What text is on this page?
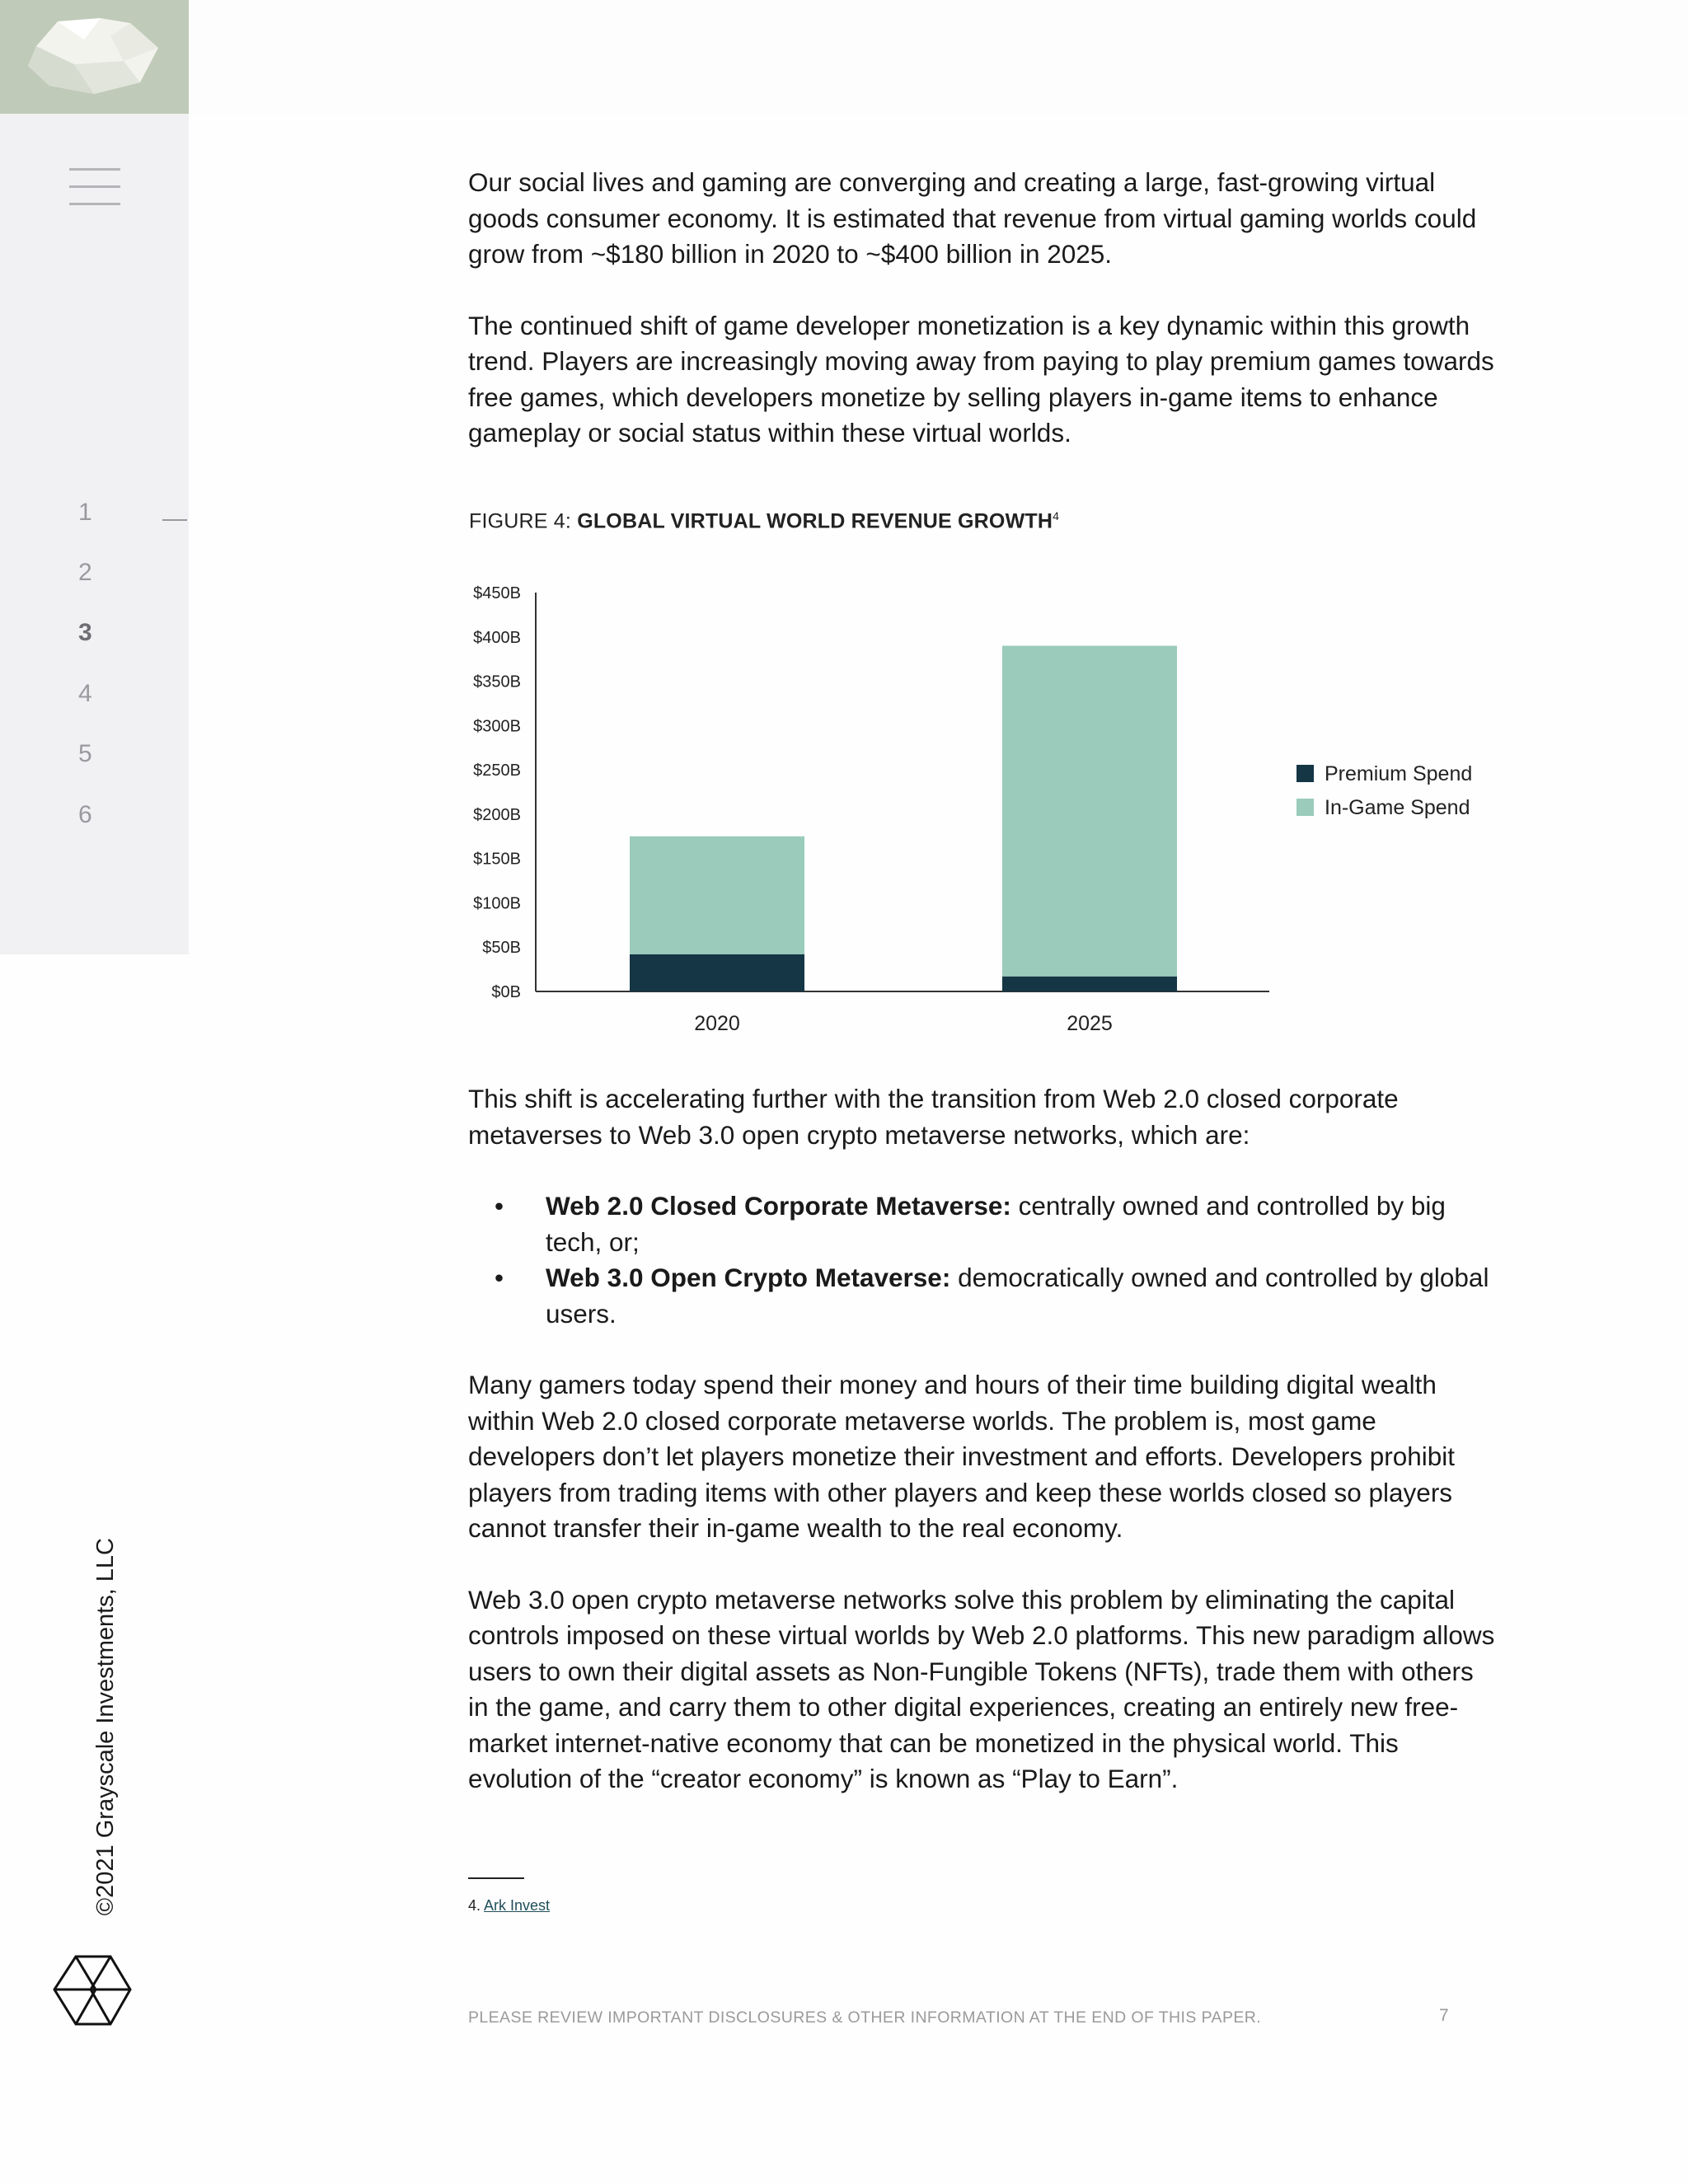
1
2
3
4
5
6
©2021 Grayscale Investments, LLC

Our social lives and gaming are converging and creating a large, fast-growing virtual goods consumer economy. It is estimated that revenue from virtual gaming worlds could grow from ~$180 billion in 2020 to ~$400 billion in 2025.

The continued shift of game developer monetization is a key dynamic within this growth trend. Players are increasingly moving away from paying to play premium games towards free games, which developers monetize by selling players in-game items to enhance gameplay or social status within these virtual worlds.

FIGURE 4: GLOBAL VIRTUAL WORLD REVENUE GROWTH$^4$
$0B
$50B
$100B
$150B
$200B
$250B
$300B
$350B
$400B
$450B
2020	2025
Premium Spend
In-Game Spend

This shift is accelerating further with the transition from Web 2.0 closed corporate metaverses to Web 3.0 open crypto metaverse networks, which are:

• Web 2.0 Closed Corporate Metaverse: centrally owned and controlled by big tech, or;
• Web 3.0 Open Crypto Metaverse: democratically owned and controlled by global users.

Many gamers today spend their money and hours of their time building digital wealth within Web 2.0 closed corporate metaverse worlds. The problem is, most game developers don’t let players monetize their investment and efforts. Developers prohibit players from trading items with other players and keep these worlds closed so players cannot transfer their in-game wealth to the real economy.

Web 3.0 open crypto metaverse networks solve this problem by eliminating the capital controls imposed on these virtual worlds by Web 2.0 platforms. This new paradigm allows users to own their digital assets as Non-Fungible Tokens (NFTs), trade them with others in the game, and carry them to other digital experiences, creating an entirely new free-market internet-native economy that can be monetized in the physical world. This evolution of the “creator economy” is known as “Play to Earn”.

4. Ark Invest
PLEASE REVIEW IMPORTANT DISCLOSURES & OTHER INFORMATION AT THE END OF THIS PAPER.	7
